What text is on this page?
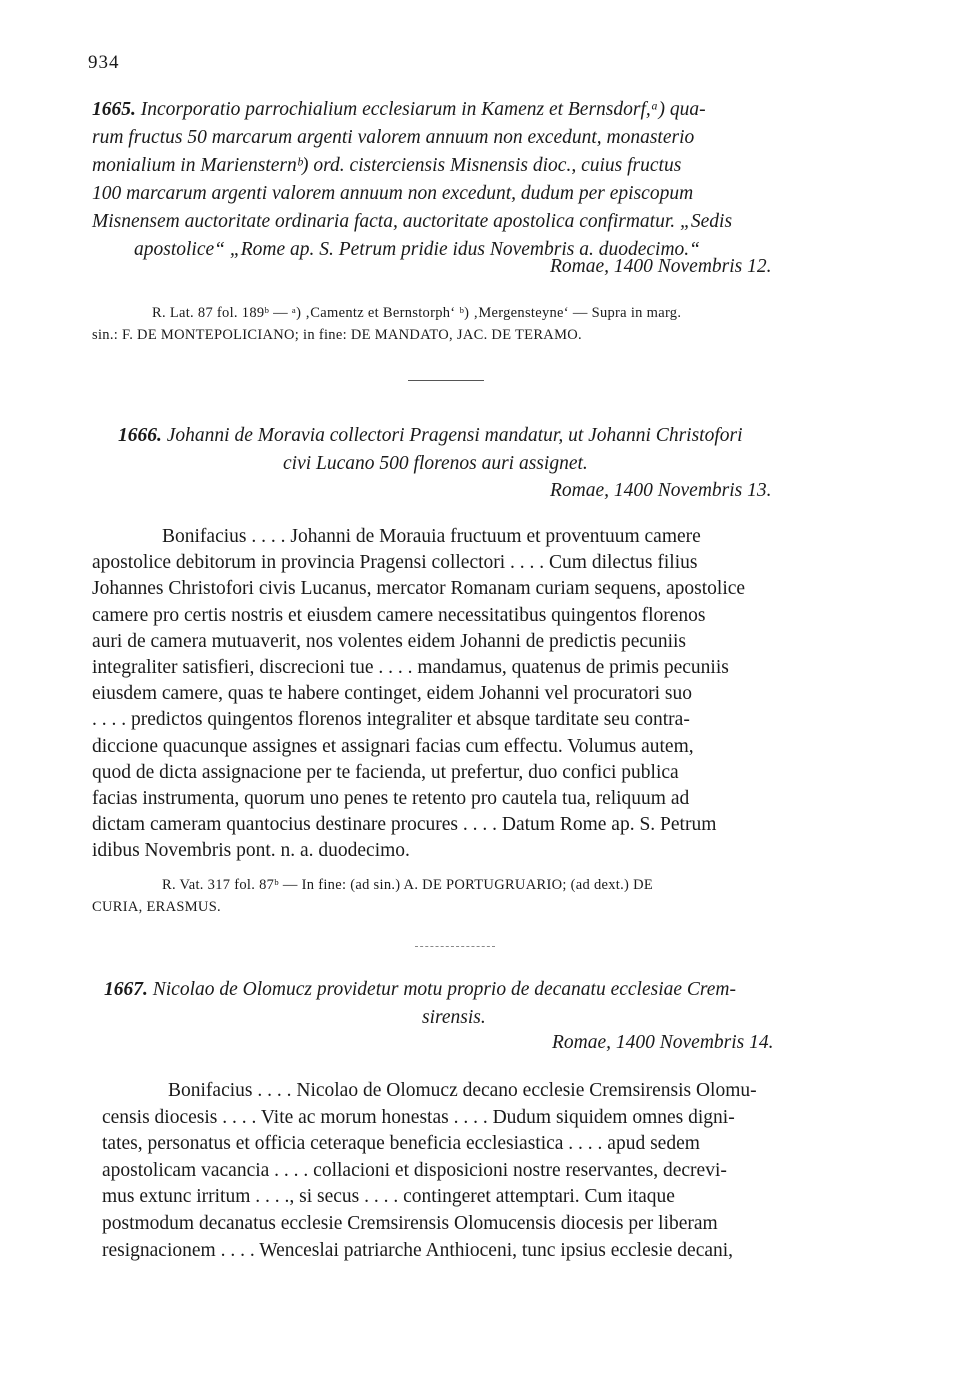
934
1665. Incorporatio parrochialium ecclesiarum in Kamenz et Bernsdorf,ᵃ) qua-
rum fructus 50 marcarum argenti valorem annuum non excedunt, monasterio
monialium in Mariensternᵇ) ord. cisterciensis Misnensis dioc., cuius fructus
100 marcarum argenti valorem annuum non excedunt, dudum per episcopum
Misnensem auctoritate ordinaria facta, auctoritate apostolica confirmatur. „Sedis
apostolice“ „Rome ap. S. Petrum pridie idus Novembris a. duodecimo.“
Romae, 1400 Novembris 12.
R. Lat. 87 fol. 189ᵇ — ᵃ) ‚Camentz et Bernstorph‘ ᵇ) ‚Mergensteyne‘ — Supra in marg.
sin.: F. DE MONTEPOLICIANO; in fine: DE MANDATO, JAC. DE TERAMO.
1666. Johanni de Moravia collectori Pragensi mandatur, ut Johanni Christofori
civi Lucano 500 florenos auri assignet.
Romae, 1400 Novembris 13.
Bonifacius . . . . Johanni de Morauia fructuum et proventuum camere
apostolice debitorum in provincia Pragensi collectori . . . . Cum dilectus filius
Johannes Christofori civis Lucanus, mercator Romanam curiam sequens, apostolice
camere pro certis nostris et eiusdem camere necessitatibus quingentos florenos
auri de camera mutuaverit, nos volentes eidem Johanni de predictis pecuniis
integraliter satisfieri, discrecioni tue . . . . mandamus, quatenus de primis pecuniis
eiusdem camere, quas te habere continget, eidem Johanni vel procuratori suo
. . . . predictos quingentos florenos integraliter et absque tarditate seu contra-
diccione quacunque assignes et assignari facias cum effectu. Volumus autem,
quod de dicta assignacione per te facienda, ut prefertur, duo confici publica
facias instrumenta, quorum uno penes te retento pro cautela tua, reliquum ad
dictam cameram quantocius destinare procures . . . . Datum Rome ap. S. Petrum
idibus Novembris pont. n. a. duodecimo.
R. Vat. 317 fol. 87ᵇ — In fine: (ad sin.) A. DE PORTUGRUARIO; (ad dext.) DE
CURIA, ERASMUS.
1667. Nicolao de Olomucz providetur motu proprio de decanatu ecclesiae Crem-
sirensis.
Romae, 1400 Novembris 14.
Bonifacius . . . . Nicolao de Olomucz decano ecclesie Cremsirensis Olomu-
censis diocesis . . . . Vite ac morum honestas . . . . Dudum siquidem omnes digni-
tates, personatus et officia ceteraque beneficia ecclesiastica . . . . apud sedem
apostolicam vacancia . . . . collacioni et disposicioni nostre reservantes, decrevi-
mus extunc irritum . . . ., si secus . . . . contingeret attemptari. Cum itaque
postmodum decanatus ecclesie Cremsirensis Olomucensis diocesis per liberam
resignacionem . . . . Wenceslai patriarche Anthioceni, tunc ipsius ecclesie decani,
